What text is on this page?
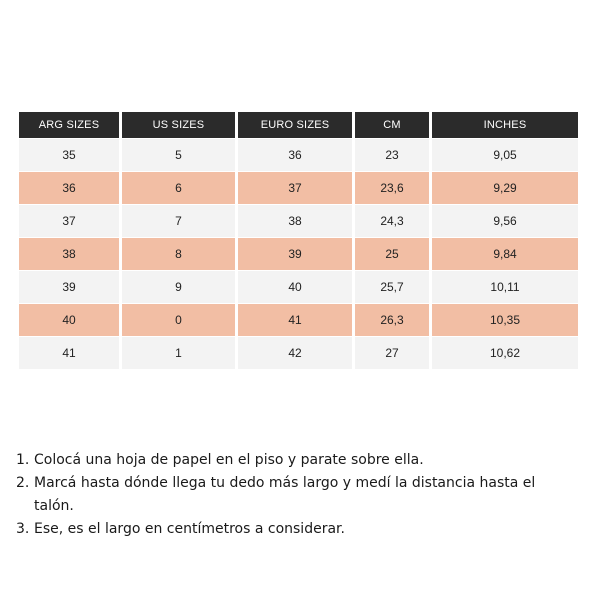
ARG SIZES	US SIZES	EURO SIZES	CM	INCHES
35	5	36	23	9,05
36	6	37	23,6	9,29
37	7	38	24,3	9,56
38	8	39	25	9,84
39	9	40	25,7	10,11
40	0	41	26,3	10,35
41	1	42	27	10,62
1. Colocá una hoja de papel en el piso y parate sobre ella.
2. Marcá hasta dónde llega tu dedo más largo y medí la distancia hasta el talón.
3. Ese, es el largo en centímetros a considerar.
